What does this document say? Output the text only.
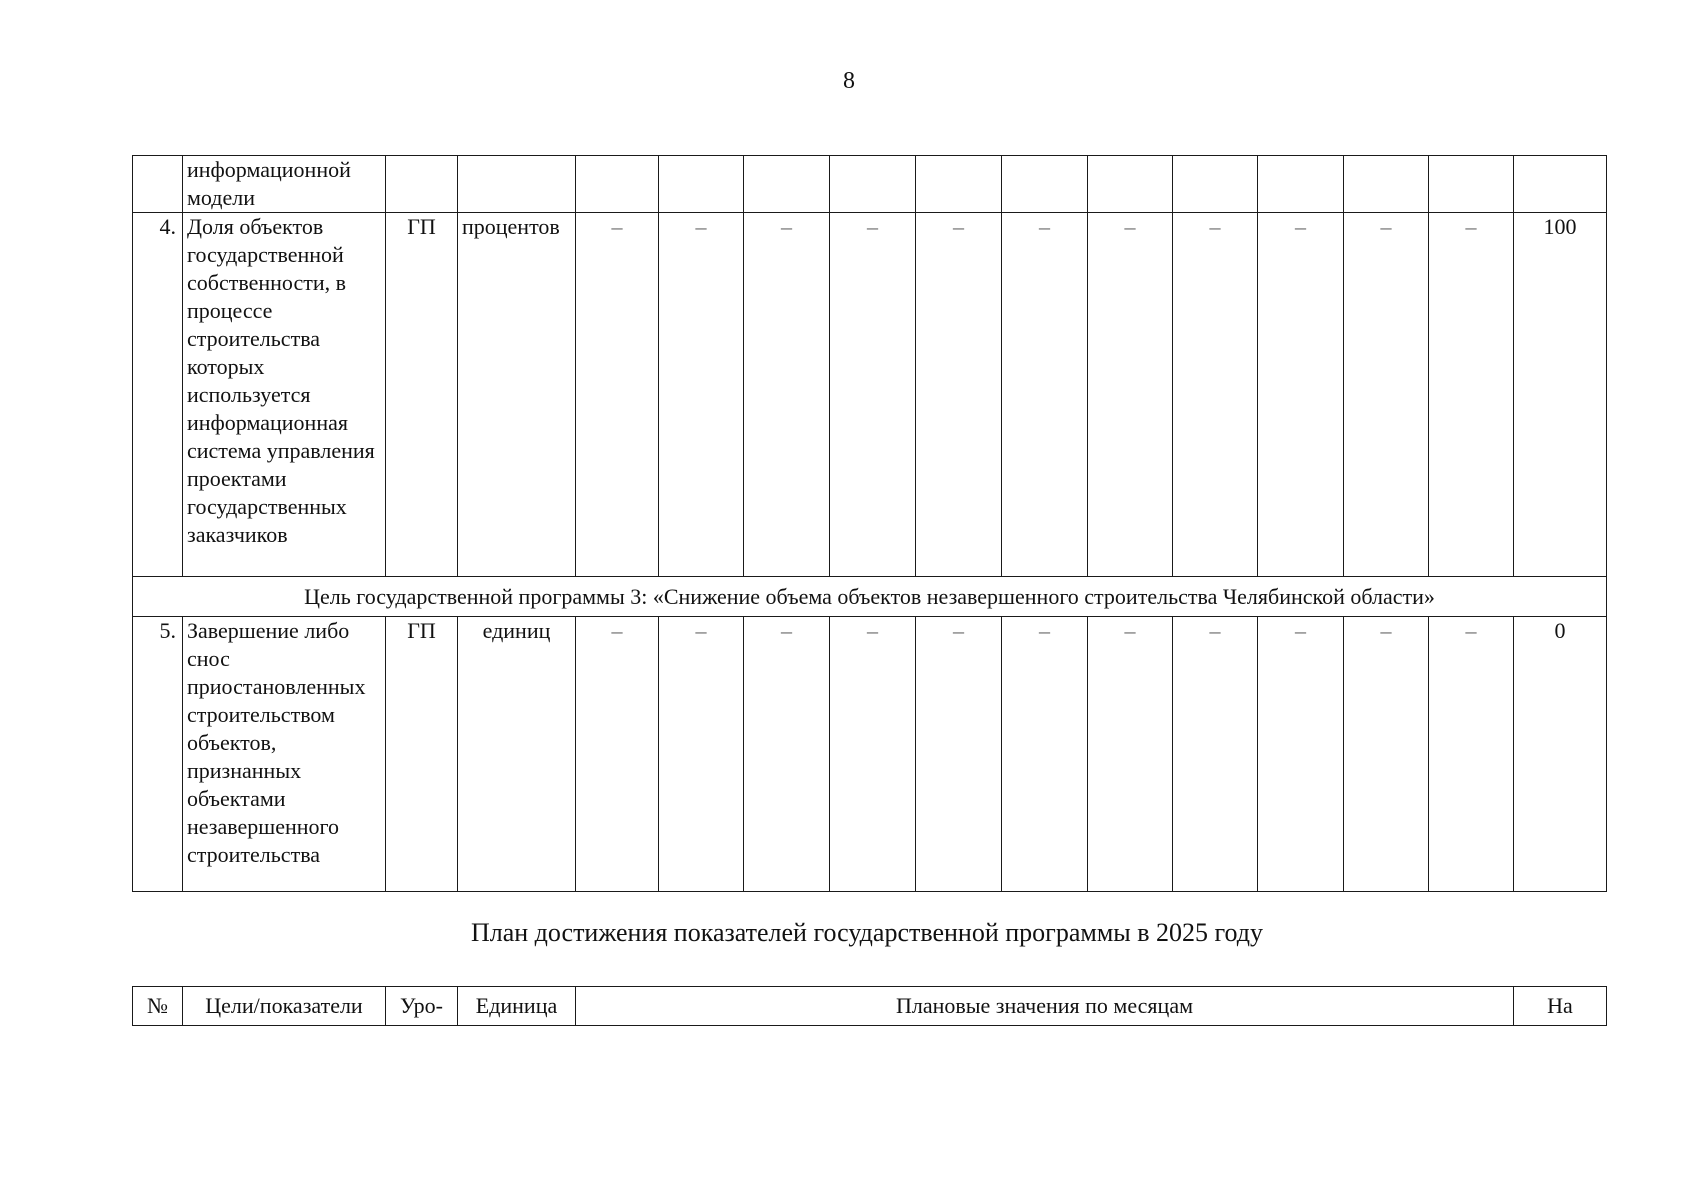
8
	информационной модели														
4.	Доля объектов государственной собственности, в процессе строительства которых используется информационная система управления проектами государственных заказчиков	ГП	процентов	–	–	–	–	–	–	–	–	–	–	–	100
Цель государственной программы 3: «Снижение объема объектов незавершенного строительства Челябинской области»															
5.	Завершение либо снос приостановленных строительством объектов, признанных объектами незавершенного строительства	ГП	единиц	–	–	–	–	–	–	–	–	–	–	–	0
План достижения показателей государственной программы в 2025 году
№	Цели/показатели	Уро-	Единица	Плановые значения по месяцам	На
